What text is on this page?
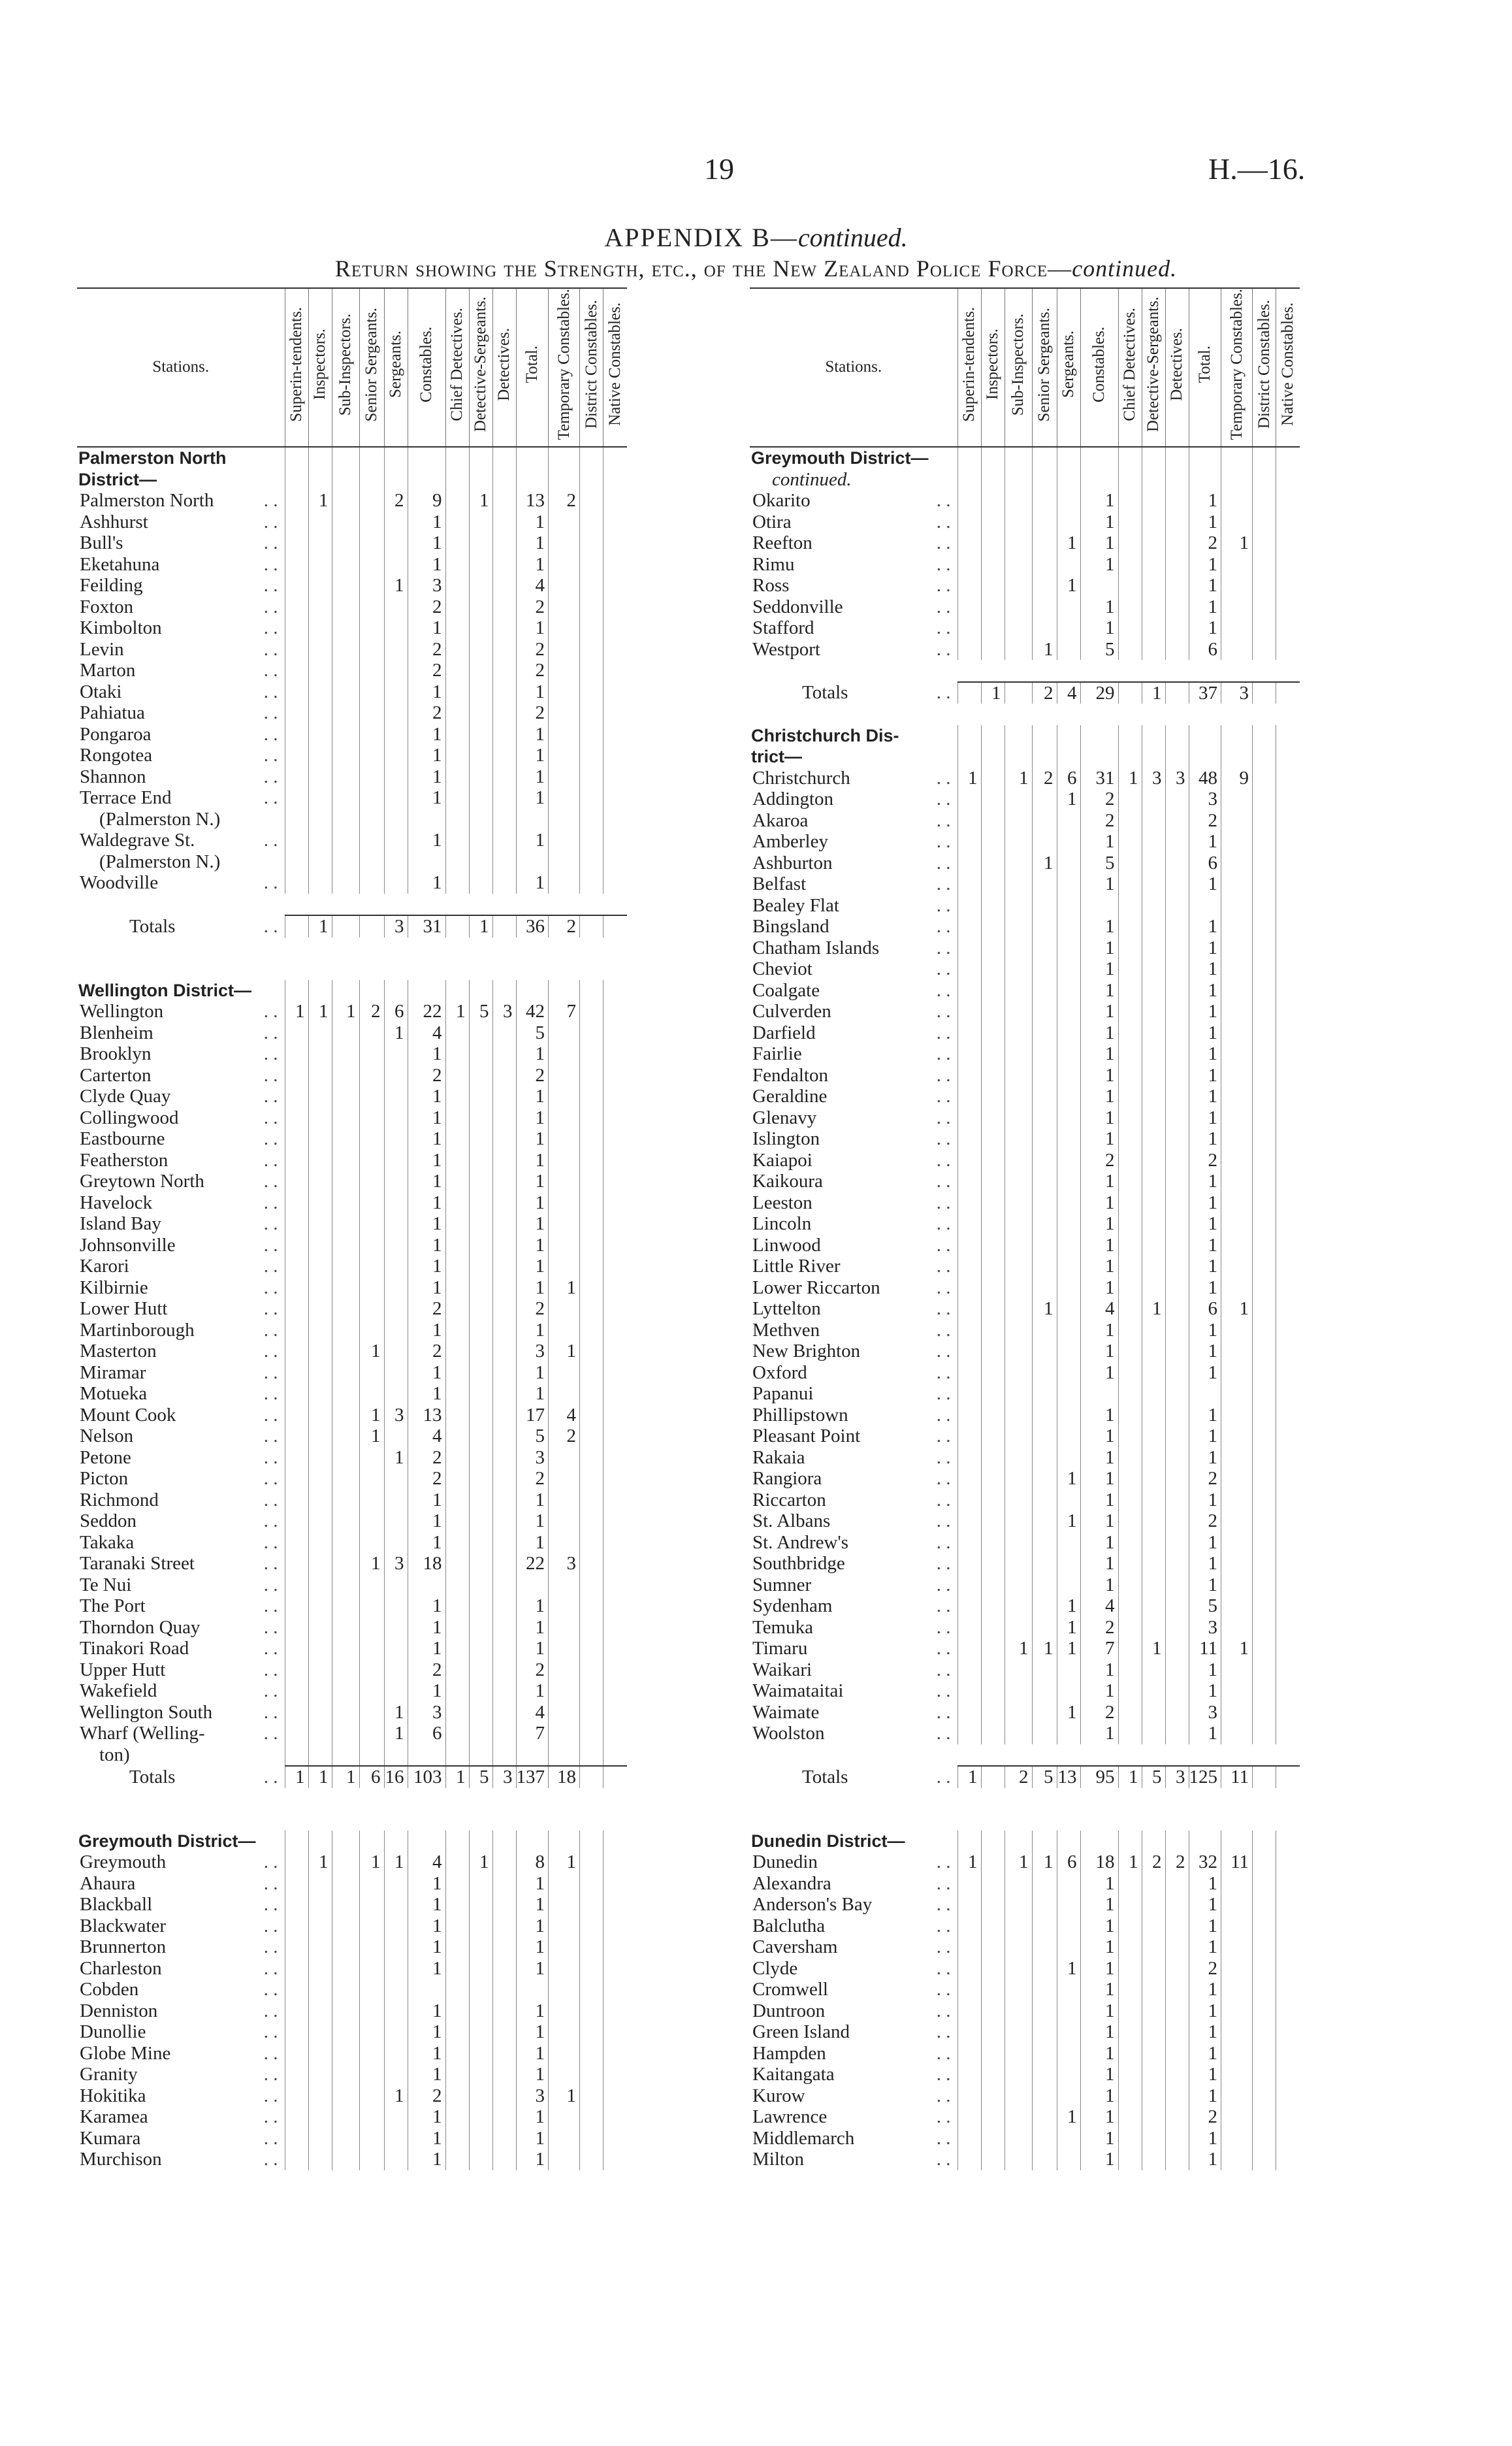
19	H.—16.
APPENDIX B—continued.
Return showing the Strength, etc., of the New Zealand Police Force—continued.
Stations.	Superin-tendents.	Inspectors.	Sub-Inspectors.	Senior Sergeants.	Sergeants.	Constables.	Chief Detectives.	Detective-Sergeants.	Detectives.	Total.	Temporary Constables.	District Constables.	Native Constables.
Palmerston North													
District—													
Palmerston North . .		1			2	9		1		13	2		
Ashhurst . .						1				1			
Bull's . .						1				1			
Eketahuna . .						1				1			
Feilding . .					1	3				4			
Foxton . .						2				2			
Kimbolton . .						1				1			
Levin . .						2				2			
Marton . .						2				2			
Otaki . .						1				1			
Pahiatua . .						2				2			
Pongaroa . .						1				1			
Rongotea . .						1				1			
Shannon . .						1				1			
Terrace End . .						1				1			
(Palmerston N.)													
Waldegrave St. . .						1				1			
(Palmerston N.)													
Woodville . .						1				1			

Totals . .		1			3	31		1		36	2		

Wellington District—													
Wellington . .	1	1	1	2	6	22	1	5	3	42	7		
Blenheim . .					1	4				5			
Brooklyn . .						1				1			
Carterton . .						2				2			
Clyde Quay . .						1				1			
Collingwood . .						1				1			
Eastbourne . .						1				1			
Featherston . .						1				1			
Greytown North . .						1				1			
Havelock . .						1				1			
Island Bay . .						1				1			
Johnsonville . .						1				1			
Karori . .						1				1			
Kilbirnie . .						1				1	1		
Lower Hutt . .						2				2			
Martinborough . .						1				1			
Masterton . .				1		2				3	1		
Miramar . .						1				1			
Motueka . .						1				1			
Mount Cook . .				1	3	13				17	4		
Nelson . .				1		4				5	2		
Petone . .					1	2				3			
Picton . .						2				2			
Richmond . .						1				1			
Seddon . .						1				1			
Takaka . .						1				1			
Taranaki Street . .				1	3	18				22	3		
Te Nui . .													
The Port . .						1				1			
Thorndon Quay . .						1				1			
Tinakori Road . .						1				1			
Upper Hutt . .						2				2			
Wakefield . .						1				1			
Wellington South . .					1	3				4			
Wharf (Welling- . .					1	6				7			
ton)													
Totals . .	1	1	1	6	16	103	1	5	3	137	18		

Greymouth District—													
Greymouth . .		1		1	1	4		1		8	1		
Ahaura . .						1				1			
Blackball . .						1				1			
Blackwater . .						1				1			
Brunnerton . .						1				1			
Charleston . .						1				1			
Cobden . .													
Denniston . .						1				1			
Dunollie . .						1				1			
Globe Mine . .						1				1			
Granity . .						1				1			
Hokitika . .					1	2				3	1		
Karamea . .						1				1			
Kumara . .						1				1			
Murchison . .						1				1			
Stations.	Superin-tendents.	Inspectors.	Sub-Inspectors.	Senior Sergeants.	Sergeants.	Constables.	Chief Detectives.	Detective-Sergeants.	Detectives.	Total.	Temporary Constables.	District Constables.	Native Constables.
Greymouth District—													
continued.													
Okarito . .						1				1			
Otira . .						1				1			
Reefton . .					1	1				2	1		
Rimu . .						1				1			
Ross . .					1					1			
Seddonville . .						1				1			
Stafford . .						1				1			
Westport . .				1		5				6			

Totals . .		1		2	4	29		1		37	3		

Christchurch Dis-													
trict—													
Christchurch . .	1		1	2	6	31	1	3	3	48	9		
Addington . .					1	2				3			
Akaroa . .						2				2			
Amberley . .						1				1			
Ashburton . .				1		5				6			
Belfast . .						1				1			
Bealey Flat . .													
Bingsland . .						1				1			
Chatham Islands . .						1				1			
Cheviot . .						1				1			
Coalgate . .						1				1			
Culverden . .						1				1			
Darfield . .						1				1			
Fairlie . .						1				1			
Fendalton . .						1				1			
Geraldine . .						1				1			
Glenavy . .						1				1			
Islington . .						1				1			
Kaiapoi . .						2				2			
Kaikoura . .						1				1			
Leeston . .						1				1			
Lincoln . .						1				1			
Linwood . .						1				1			
Little River . .						1				1			
Lower Riccarton . .						1				1			
Lyttelton . .				1		4		1		6	1		
Methven . .						1				1			
New Brighton . .						1				1			
Oxford . .						1				1			
Papanui . .													
Phillipstown . .						1				1			
Pleasant Point . .						1				1			
Rakaia . .						1				1			
Rangiora . .					1	1				2			
Riccarton . .						1				1			
St. Albans . .					1	1				2			
St. Andrew's . .						1				1			
Southbridge . .						1				1			
Sumner . .						1				1			
Sydenham . .					1	4				5			
Temuka . .					1	2				3			
Timaru . .			1	1	1	7		1		11	1		
Waikari . .						1				1			
Waimataitai . .						1				1			
Waimate . .					1	2				3			
Woolston . .						1				1			

Totals . .	1		2	5	13	95	1	5	3	125	11		

Dunedin District—													
Dunedin . .	1		1	1	6	18	1	2	2	32	11		
Alexandra . .						1				1			
Anderson's Bay . .						1				1			
Balclutha . .						1				1			
Caversham . .						1				1			
Clyde . .					1	1				2			
Cromwell . .						1				1			
Duntroon . .						1				1			
Green Island . .						1				1			
Hampden . .						1				1			
Kaitangata . .						1				1			
Kurow . .						1				1			
Lawrence . .					1	1				2			
Middlemarch . .						1				1			
Milton . .						1				1			
